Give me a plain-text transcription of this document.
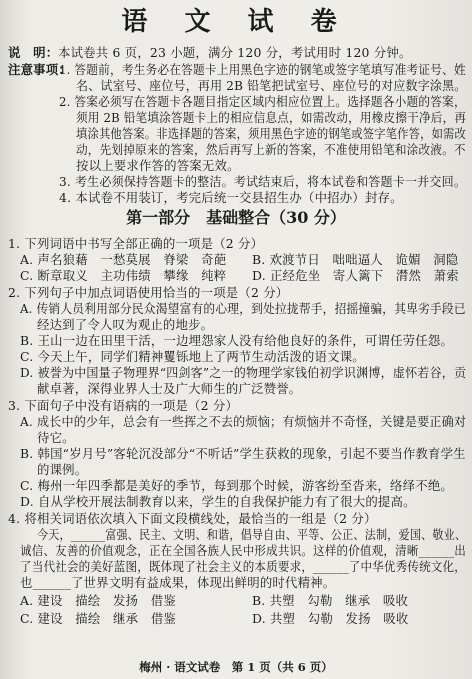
语 文 试 卷
说　明： 本试卷共 6 页，23 小题，满分 120 分，考试用时 120 分钟。
注意事项：
1. 答题前，考生务必在答题卡上用黑色字迹的钢笔或签字笔填写准考证号、姓
名、试室号、座位号，再用 2B 铅笔把试室号、座位号的对应数字涂黑。
2. 答案必须写在答题卡各题目指定区域内相应位置上。选择题各小题的答案，
须用 2B 铅笔填涂答题卡上的相应信息点，如需改动，用橡皮擦干净后，再
填涂其他答案。非选择题的答案，须用黑色字迹的钢笔或签字笔作答，如需改
动，先划掉原来的答案，然后再写上新的答案，不准使用铅笔和涂改液。不
按以上要求作答的答案无效。
3. 考生必须保持答题卡的整洁。考试结束后，将本试卷和答题卡一并交回。
第一部分　基础整合（30 分）
1. 下列词语中书写全部正确的一项是（2 分）
A. 声名狼藉　一愁莫展　脊梁　奇葩 B. 欢渡节日　咄咄逼人　诡媚　洞隐
C. 断章取义　主功伟绩　攀缘　纯粹 D. 正经危坐　寄人篱下　潸然　萧索
2. 下列句子中加点词语使用恰当的一项是（2 分）
A. 传销人员利用部分民众渴望富有的心理，到处拉拢帮手，招摇撞骗，其卑劣手段已
经达到了令人叹为观止的地步。
B. 王山一边在田里干活，一边埋怨家人没有给他良好的条件，可谓任劳任怨。
C. 今天上午，同学们精神矍铄地上了两节生动活泼的语文课。
D. 被誉为中国量子物理界“四剑客”之一的物理学家钱伯初学识渊博，虚怀若谷，贡
献卓著，深得业界人士及广大师生的广泛赞誉。
3. 下面句子中没有语病的一项是（2 分）
A. 成长中的少年，总会有一些挥之不去的烦恼；有烦恼并不奇怪，关键是要正确对
待它。
B. 韩国“岁月号”客轮沉没部分“不听话”学生获救的现象，引起不要当作教育学生
的课例。
C. 梅州一年四季都是美好的季节，每到那个时候，游客纷至沓来，络绎不绝。
D. 自从学校开展法制教育以来，学生的自我保护能力有了很大的提高。
4. 将相关词语依次填入下面文段横线处，最恰当的一组是（2 分）
今天，______富强、民主、文明、和谐，倡导自由、平等、公正、法制，爱国、敬业、
诚信、友善的价值观念，正在全国各族人民中形成共识。这样的价值观，清晰______出
梅州 · 语文试卷　第 1 页（共 6 页）
4. 本试卷不用装订，考完后统一交县招生办（中招办）封存。
了当代社会的美好蓝图，既体现了社会主义的本质要求，______了中华优秀传统文化，
也______了世界文明有益成果，体现出鲜明的时代精神。
A. 建设　描绘　发扬　借鉴	B. 共塑　勾勒　继承　吸收
C. 建设　描绘　继承　借鉴	D. 共塑　勾勒　发扬　吸收
